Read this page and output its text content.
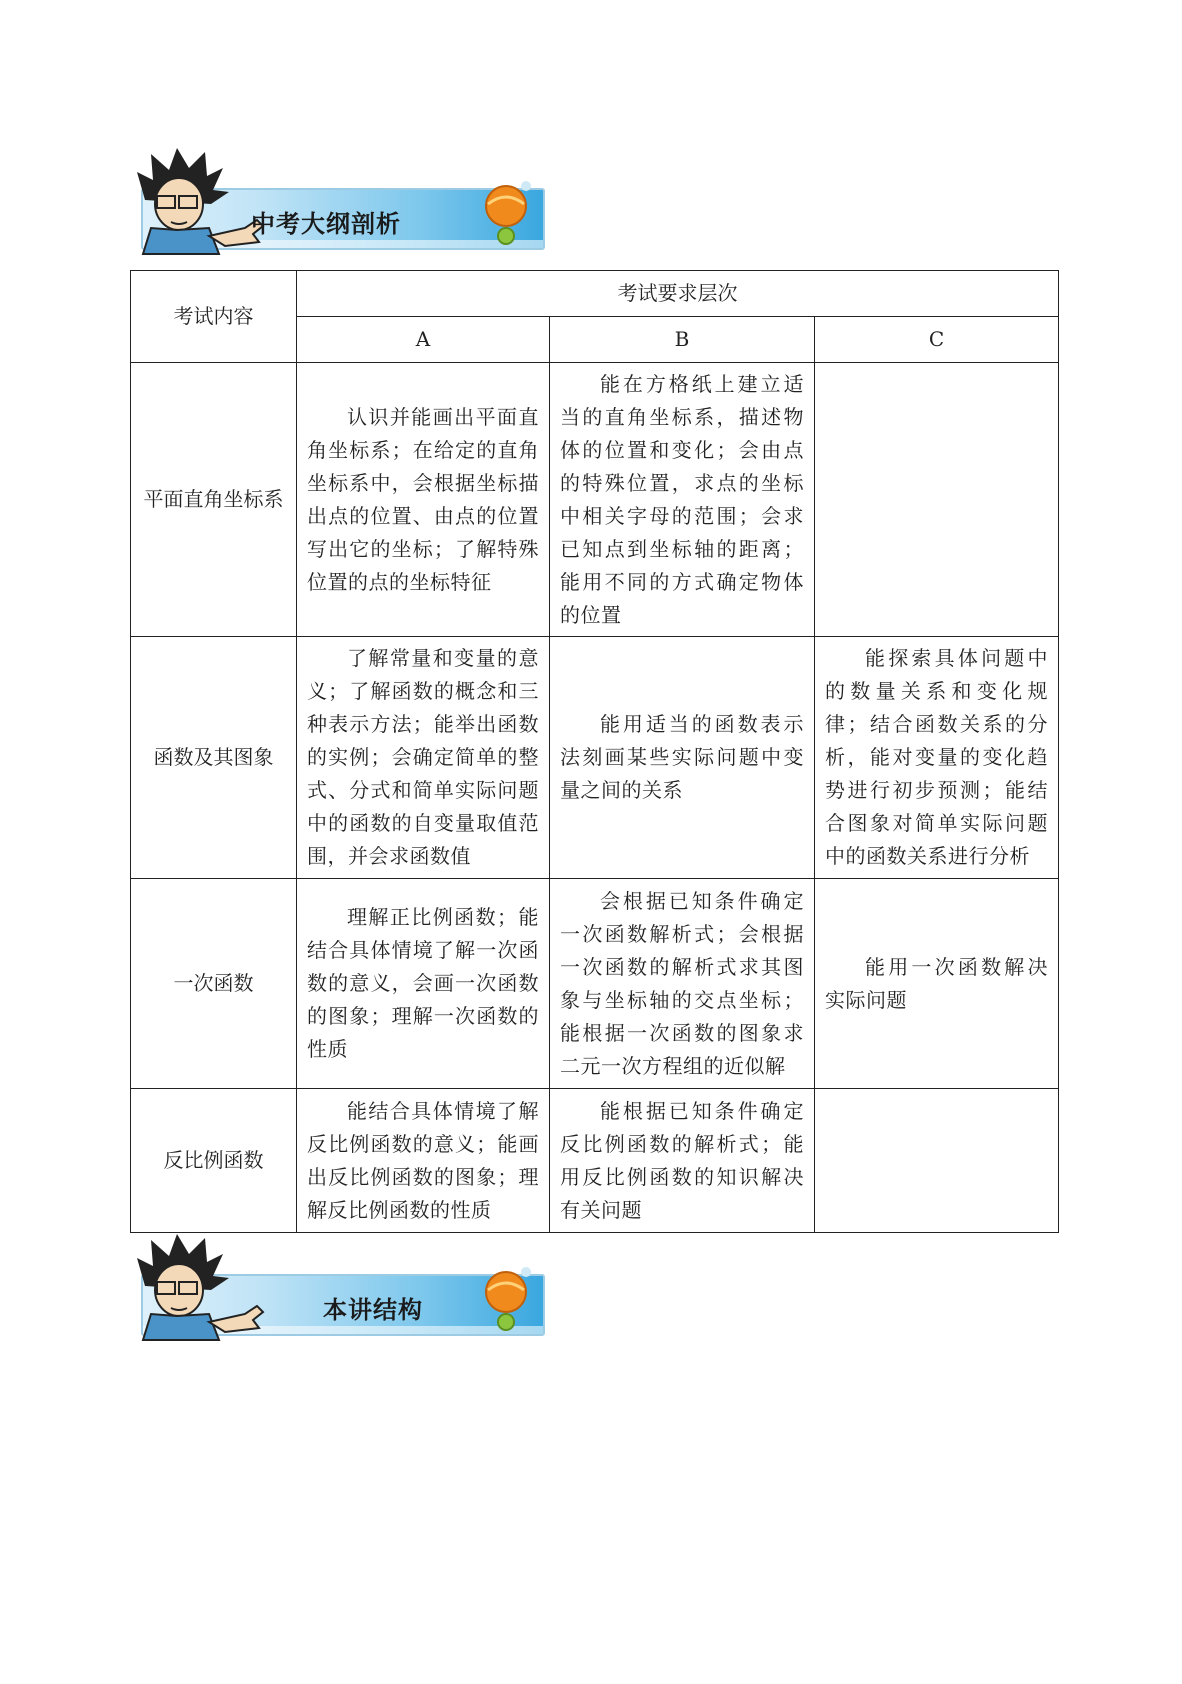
中考大纲剖析
考试内容	考试要求层次		
	A	B	C
平面直角坐标系	认识并能画出平面直角坐标系；在给定的直角坐标系中，会根据坐标描出点的位置、由点的位置写出它的坐标；了解特殊位置的点的坐标特征	能在方格纸上建立适当的直角坐标系，描述物体的位置和变化；会由点的特殊位置，求点的坐标中相关字母的范围；会求已知点到坐标轴的距离；能用不同的方式确定物体的位置	
函数及其图象	了解常量和变量的意义；了解函数的概念和三种表示方法；能举出函数的实例；会确定简单的整式、分式和简单实际问题中的函数的自变量取值范围，并会求函数值	能用适当的函数表示法刻画某些实际问题中变量之间的关系	能探索具体问题中的数量关系和变化规律；结合函数关系的分析，能对变量的变化趋势进行初步预测；能结合图象对简单实际问题中的函数关系进行分析
一次函数	理解正比例函数；能结合具体情境了解一次函数的意义，会画一次函数的图象；理解一次函数的性质	会根据已知条件确定一次函数解析式；会根据一次函数的解析式求其图象与坐标轴的交点坐标；能根据一次函数的图象求二元一次方程组的近似解	能用一次函数解决实际问题
反比例函数	能结合具体情境了解反比例函数的意义；能画出反比例函数的图象；理解反比例函数的性质	能根据已知条件确定反比例函数的解析式；能用反比例函数的知识解决有关问题	
本讲结构
